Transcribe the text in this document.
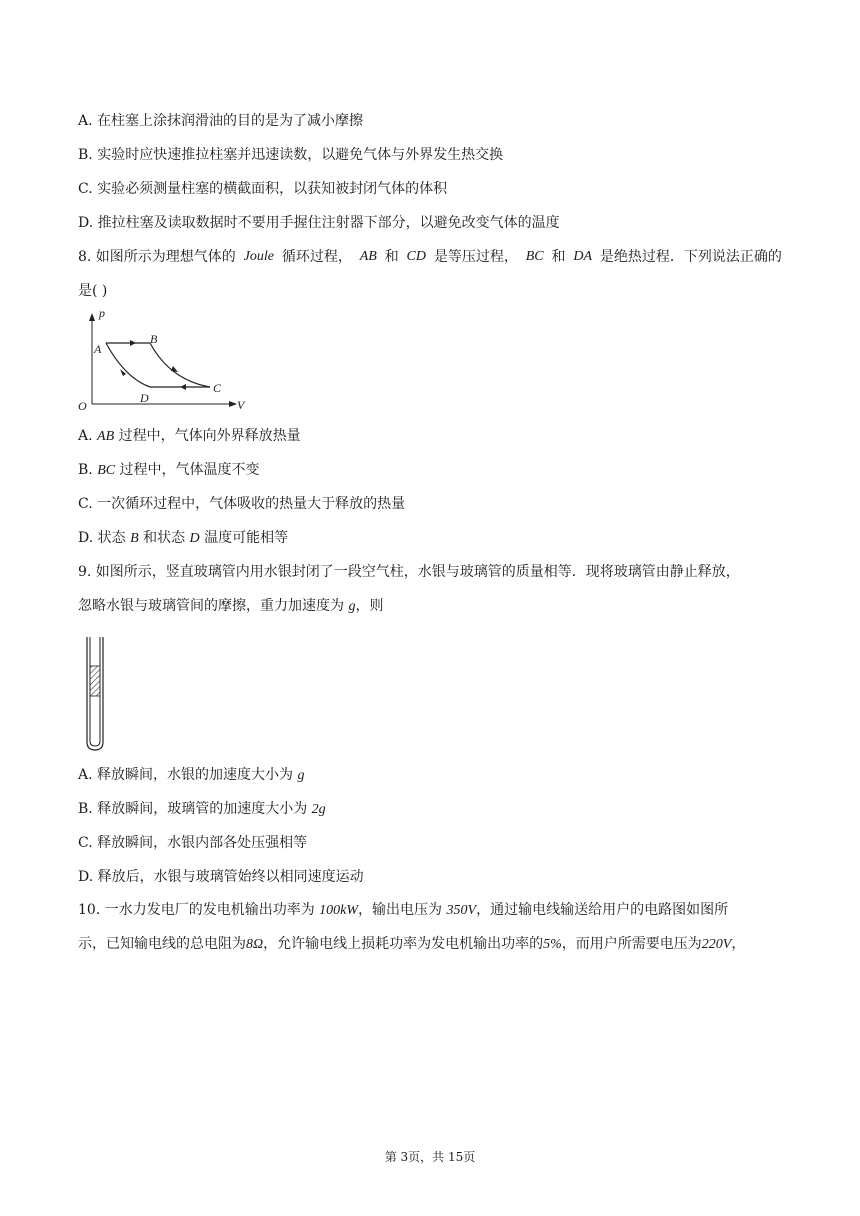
A. 在柱塞上涂抹润滑油的目的是为了减小摩擦
B. 实验时应快速推拉柱塞并迅速读数，以避免气体与外界发生热交换
C. 实验必须测量柱塞的横截面积，以获知被封闭气体的体积
D. 推拉柱塞及读取数据时不要用手握住注射器下部分，以避免改变气体的温度
8. 如图所示为理想气体的 Joule 循环过程， AB 和 CD 是等压过程， BC 和 DA 是绝热过程．下列说法正确的
是( )
p
V
O
A
B
C
D
A. AB 过程中，气体向外界释放热量
B. BC 过程中，气体温度不变
C. 一次循环过程中，气体吸收的热量大于释放的热量
D. 状态 B 和状态 D 温度可能相等
9. 如图所示，竖直玻璃管内用水银封闭了一段空气柱，水银与玻璃管的质量相等．现将玻璃管由静止释放，
忽略水银与玻璃管间的摩擦，重力加速度为 g，则
A. 释放瞬间，水银的加速度大小为 g
B. 释放瞬间，玻璃管的加速度大小为 2g
C. 释放瞬间，水银内部各处压强相等
D. 释放后，水银与玻璃管始终以相同速度运动
10. 一水力发电厂的发电机输出功率为 100kW，输出电压为 350V，通过输电线输送给用户的电路图如图所
示，已知输电线的总电阻为8Ω，允许输电线上损耗功率为发电机输出功率的5%，而用户所需要电压为220V，
第 3页，共 15页
